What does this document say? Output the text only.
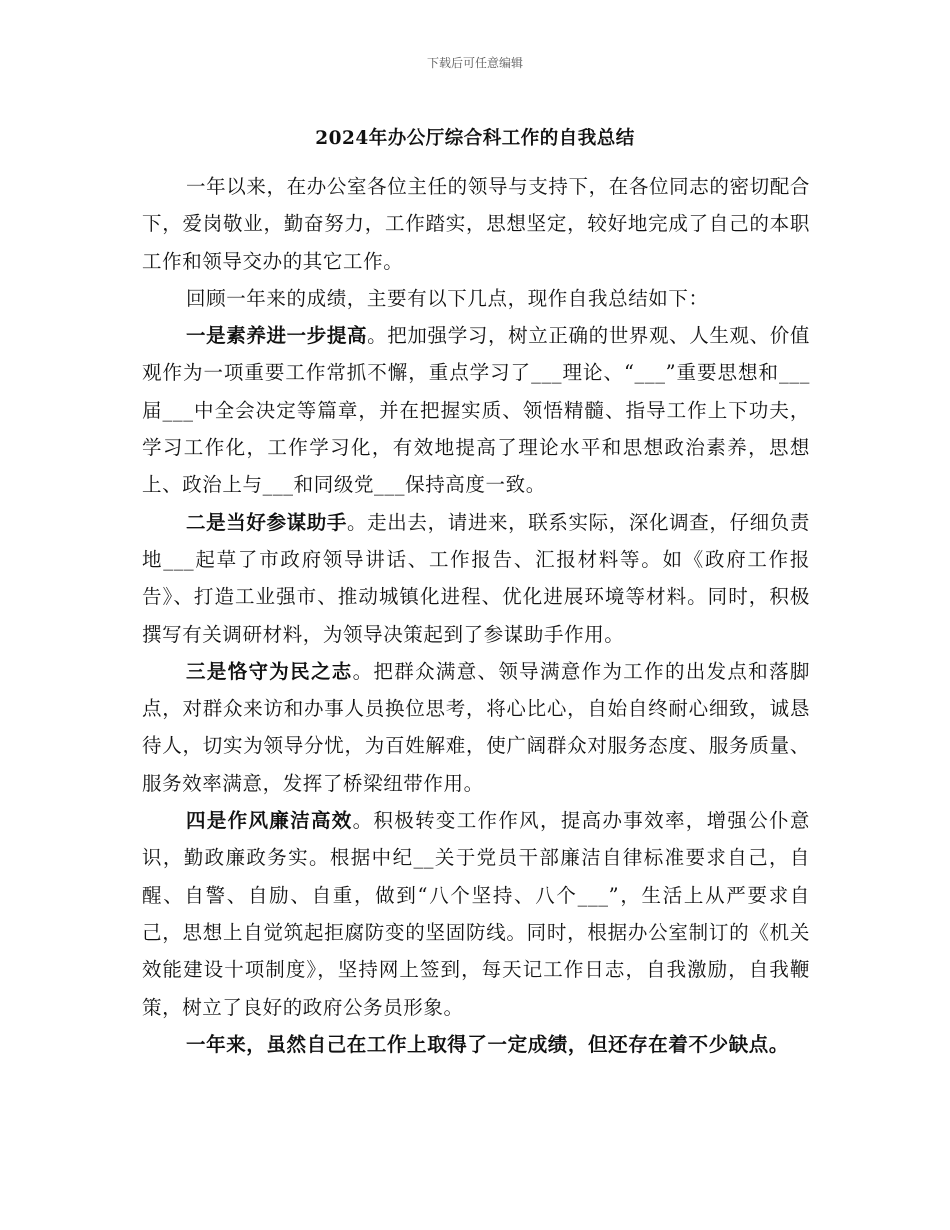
下载后可任意编辑
2024年办公厅综合科工作的自我总结

一年以来，在办公室各位主任的领导与支持下，在各位同志的密切配合下，爱岗敬业，勤奋努力，工作踏实，思想坚定，较好地完成了自己的本职工作和领导交办的其它工作。

回顾一年来的成绩，主要有以下几点，现作自我总结如下：

一是素养进一步提高。把加强学习，树立正确的世界观、人生观、价值观作为一项重要工作常抓不懈，重点学习了___理论、“___”重要思想和___届___中全会决定等篇章，并在把握实质、领悟精髓、指导工作上下功夫，学习工作化，工作学习化，有效地提高了理论水平和思想政治素养，思想上、政治上与___和同级党___保持高度一致。

二是当好参谋助手。走出去，请进来，联系实际，深化调查，仔细负责地___起草了市政府领导讲话、工作报告、汇报材料等。如《政府工作报告》、打造工业强市、推动城镇化进程、优化进展环境等材料。同时，积极撰写有关调研材料，为领导决策起到了参谋助手作用。

三是恪守为民之志。把群众满意、领导满意作为工作的出发点和落脚点，对群众来访和办事人员换位思考，将心比心，自始自终耐心细致，诚恳待人，切实为领导分忧，为百姓解难，使广阔群众对服务态度、服务质量、服务效率满意，发挥了桥梁纽带作用。

四是作风廉洁高效。积极转变工作作风，提高办事效率，增强公仆意识，勤政廉政务实。根据中纪__关于党员干部廉洁自律标准要求自己，自醒、自警、自励、自重，做到“八个坚持、八个___”，生活上从严要求自己，思想上自觉筑起拒腐防变的坚固防线。同时，根据办公室制订的《机关效能建设十项制度》，坚持网上签到，每天记工作日志，自我激励，自我鞭策，树立了良好的政府公务员形象。

一年来，虽然自己在工作上取得了一定成绩，但还存在着不少缺点。
